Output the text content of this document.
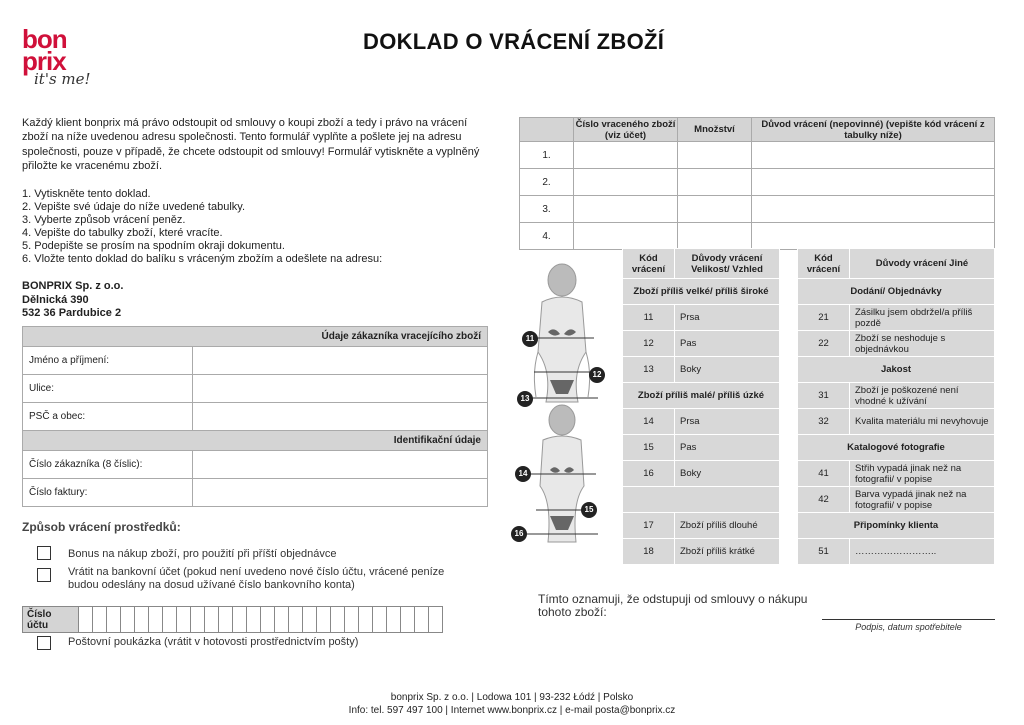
bon
prix
it's me!
DOKLAD O VRÁCENÍ ZBOŽÍ
Každý klient bonprix má právo odstoupit od smlouvy o koupi zboží a tedy i právo na vrácení zboží na níže uvedenou adresu společnosti. Tento formulář vyplňte a pošlete jej na adresu společnosti, pouze v případě, že chcete odstoupit od smlouvy! Formulář vytiskněte a vyplněný přiložte ke vracenému zboží.
1. Vytiskněte tento doklad.
2. Vepište své údaje do níže uvedené tabulky.
3. Vyberte způsob vrácení peněz.
4. Vepište do tabulky zboží, které vracíte.
5. Podepište se prosím na spodním okraji dokumentu.
6. Vložte tento doklad do balíku s vráceným zbožím a odešlete na adresu:
BONPRIX Sp. z o.o.
Dělnická 390
532 36 Pardubice 2
Údaje zákazníka vracejícího zboží	
Jméno a příjmení:	
Ulice:	
PSČ a obec:	
Identifikační údaje	
Číslo zákazníka (8 číslic):	
Číslo faktury:	
Způsob vrácení prostředků:
Bonus na nákup zboží, pro použití při příští objednávce
Vrátit na bankovní účet (pokud není uvedeno nové číslo účtu, vrácené peníze budou odeslány na dosud užívané číslo bankovního konta)
Číslo účtu																										
Poštovní poukázka (vrátit v hotovosti prostřednictvím pošty)
	Číslo vraceného zboží (viz účet)	Množství	Důvod vrácení (nepovinné) (vepište kód vrácení z tabulky níže)
1.			
2.			
3.			
4.			
11
12
13
14
15
16
Kód vrácení	Důvody vrácení Velikost/ Vzhled
Zboží příliš velké/ příliš široké	
11	Prsa
12	Pas
13	Boky
Zboží příliš malé/ příliš úzké	
14	Prsa
15	Pas
16	Boky

17	Zboží příliš dlouhé
18	Zboží příliš krátké
Kód vrácení	Důvody vrácení Jiné
Dodání/ Objednávky	
21	Zásilku jsem obdržel/a příliš pozdě
22	Zboží se neshoduje s objednávkou
Jakost	
31	Zboží je poškozené není vhodné k užívání
32	Kvalita materiálu mi nevyhovuje
Katalogové fotografie	
41	Střih vypadá jinak než na fotografii/ v popise
42	Barva vypadá jinak než na fotografii/ v popise
Připomínky klienta	
51	……………………..
Tímto oznamuji, že odstupuji od smlouvy o nákupu tohoto zboží:
Podpis, datum spotřebitele
bonprix Sp. z o.o. | Lodowa 101 | 93-232 Łódź | Polsko
Info: tel. 597 497 100 | Internet www.bonprix.cz | e-mail posta@bonprix.cz
